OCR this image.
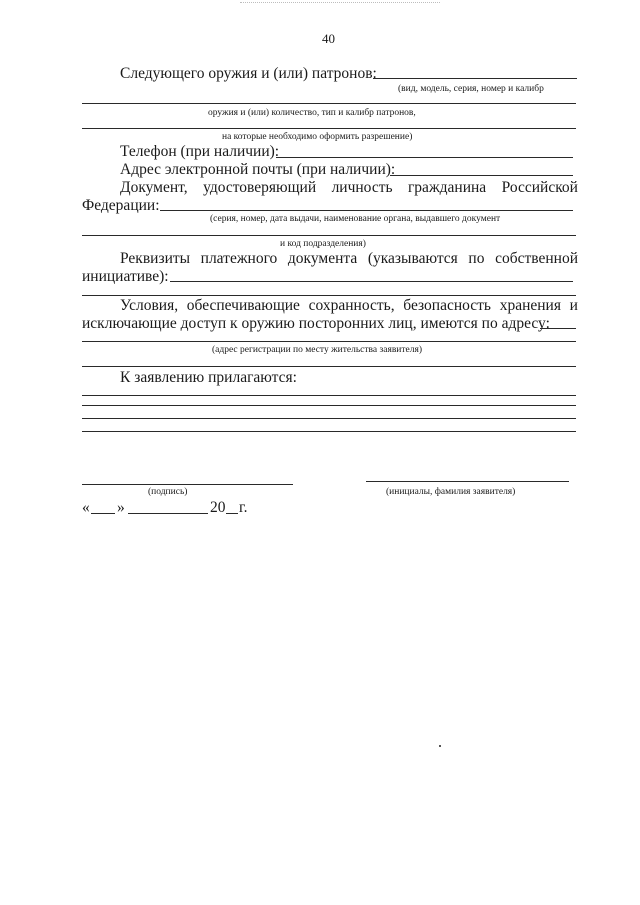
40
Следующего оружия и (или) патронов:
(вид, модель, серия, номер и калибр
оружия и (или) количество, тип и калибр патронов,
на которые необходимо оформить разрешение)
Телефон (при наличии):
Адрес электронной почты (при наличии):
Документ, удостоверяющий личность гражданина Российской
Федерации:
(серия, номер, дата выдачи, наименование органа, выдавшего документ
и код подразделения)
Реквизиты платежного документа (указываются по собственной
инициативе):
Условия, обеспечивающие сохранность, безопасность хранения и
исключающие доступ к оружию посторонних лиц, имеются по адресу:
(адрес регистрации по месту жительства заявителя)
К заявлению прилагаются:
(подпись)	(инициалы, фамилия заявителя)
« »	20 г.
